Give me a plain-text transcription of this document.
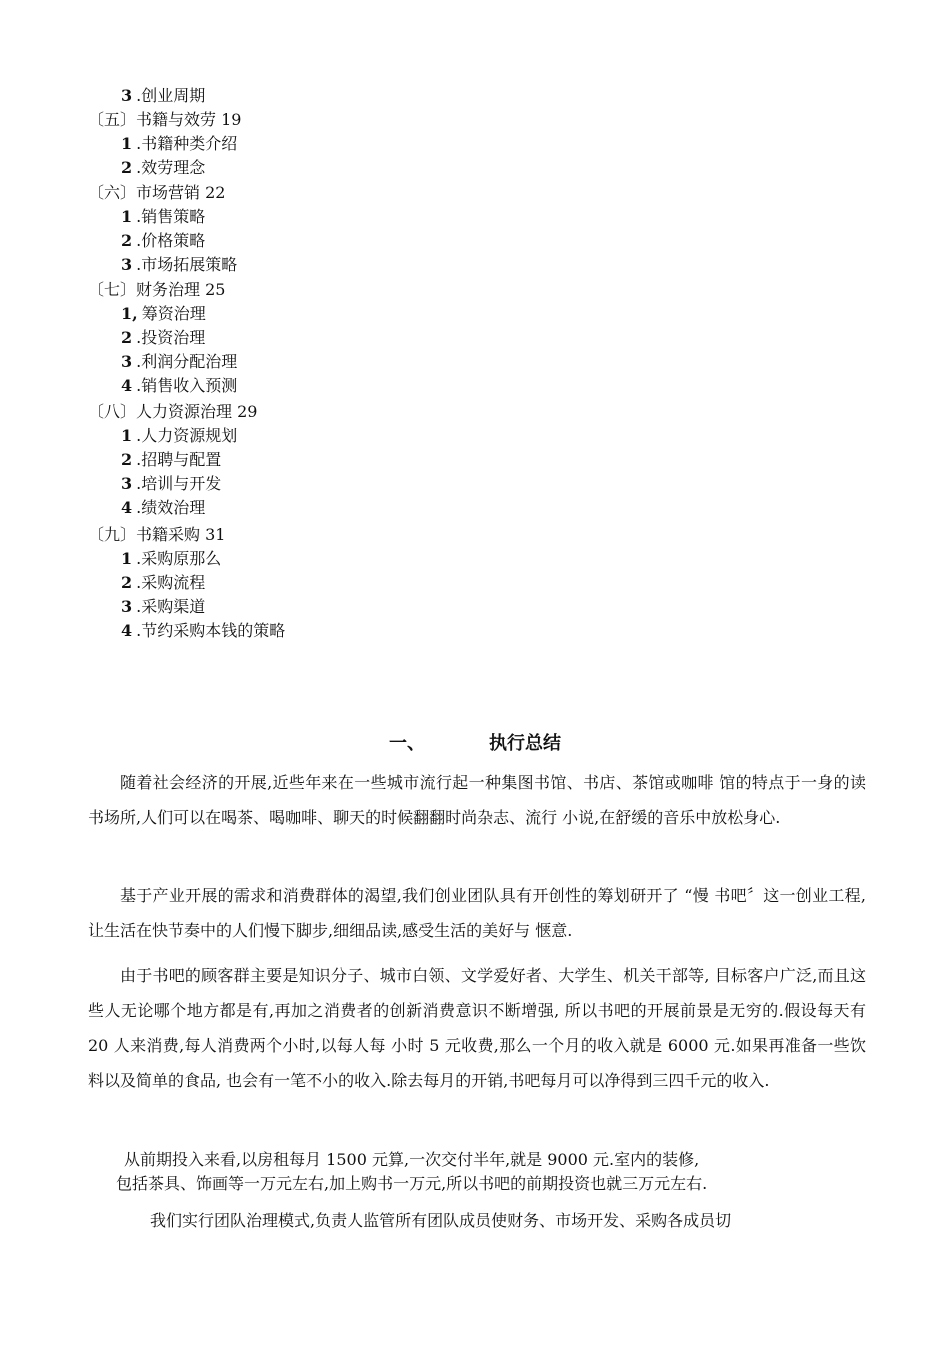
3 .创业周期
〔五〕书籍与效劳 19
1 .书籍种类介绍
2 .效劳理念
〔六〕市场营销 22
1 .销售策略
2 .价格策略
3 .市场拓展策略
〔七〕财务治理 25
1, 筹资治理
2 .投资治理
3 .利润分配治理
4 .销售收入预测
〔八〕人力资源治理 29
1 .人力资源规划
2 .招聘与配置
3 .培训与开发
4 .绩效治理
〔九〕书籍采购 31
1 .采购原那么
2 .采购流程
3 .采购渠道
4 .节约采购本钱的策略
一、	执行总结

随着社会经济的开展,近些年来在一些城市流行起一种集图书馆、书店、茶馆或咖啡 馆的特点于一身的读书场所,人们可以在喝茶、喝咖啡、聊天的时候翻翻时尚杂志、流行 小说,在舒缓的音乐中放松身心.

基于产业开展的需求和消费群体的渴望,我们创业团队具有开创性的筹划研开了 “慢 书吧〞这一创业工程,让生活在快节奏中的人们慢下脚步,细细品读,感受生活的美好与 惬意.

由于书吧的顾客群主要是知识分子、城市白领、文学爱好者、大学生、机关干部等, 目标客户广泛,而且这些人无论哪个地方都是有,再加之消费者的创新消费意识不断增强, 所以书吧的开展前景是无穷的.假设每天有 20 人来消费,每人消费两个小时,以每人每 小时 5 元收费,那么一个月的收入就是 6000 元.如果再准备一些饮料以及简单的食品, 也会有一笔不小的收入.除去每月的开销,书吧每月可以净得到三四千元的收入.

从前期投入来看,以房租每月 1500 元算,一次交付半年,就是 9000 元.室内的装修,
包括茶具、饰画等一万元左右,加上购书一万元,所以书吧的前期投资也就三万元左右.
我们实行团队治理模式,负责人监管所有团队成员使财务、市场开发、采购各成员切
